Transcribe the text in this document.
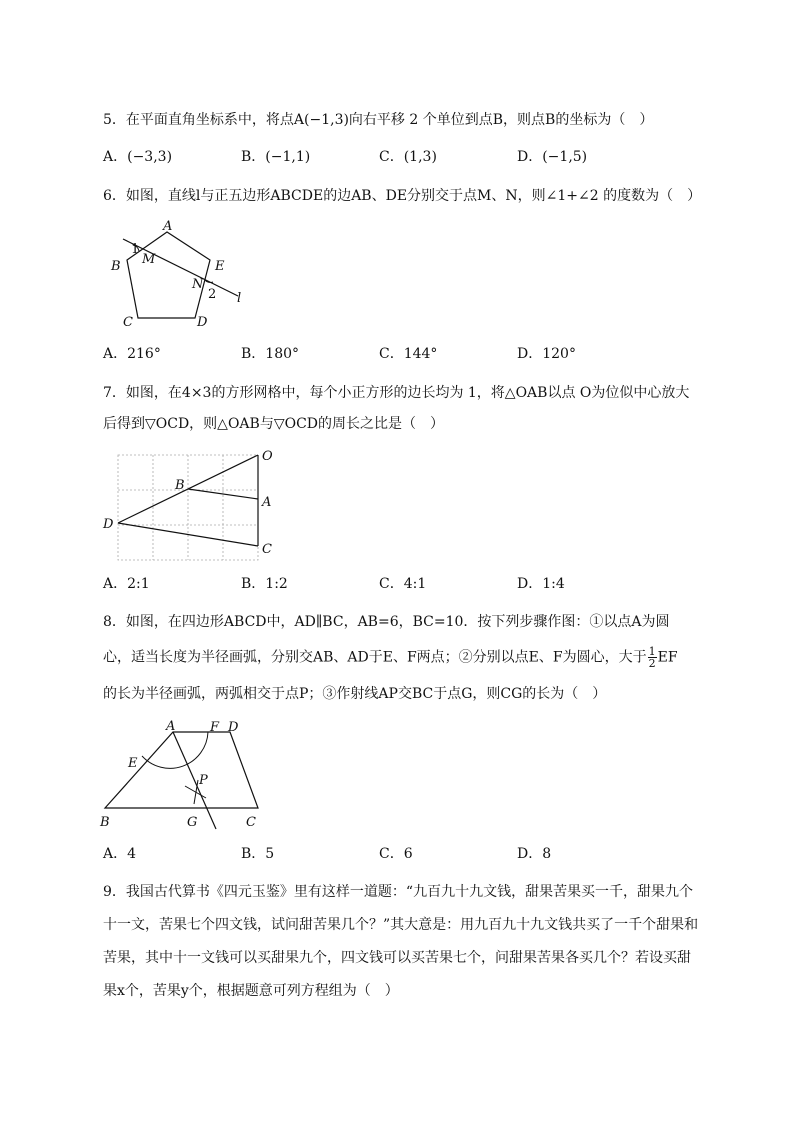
5．在平面直角坐标系中，将点A(−1,3)向右平移 2 个单位到点B，则点B的坐标为（　）
A．(−3,3)	B．(−1,1)	C．(1,3)	D．(−1,5)
6．如图，直线l与正五边形ABCDE的边AB、DE分别交于点M、N，则∠1+∠2 的度数为（　）
A
B
C	D
E
M
N
l
1
2
A．216°	B．180°	C．144°	D．120°
7．如图，在4×3的方形网格中，每个小正方形的边长均为 1，将△OAB以点 O为位似中心放大
后得到▽OCD，则△OAB与▽OCD的周长之比是（　）
O
B
A
D
C
A．2:1	B．1:2	C．4:1	D．1:4
8．如图，在四边形ABCD中，AD∥BC，AB=6，BC=10．按下列步骤作图：①以点A为圆
心，适当长度为半径画弧，分别交AB、AD于E、F两点；②分别以点E、F为圆心，大于 $\frac{1}{2}$ EF
的长为半径画弧，两弧相交于点P；③作射线AP交BC于点G，则CG的长为（　）
A	F D
E
P
B	G	C
A．4	B．5	C．6	D．8
9．我国古代算书《四元玉鉴》里有这样一道题：“九百九十九文钱，甜果苦果买一千，甜果九个
十一文，苦果七个四文钱，试问甜苦果几个？”其大意是：用九百九十九文钱共买了一千个甜果和
苦果，其中十一文钱可以买甜果九个，四文钱可以买苦果七个，问甜果苦果各买几个？若设买甜
果x个，苦果y个，根据题意可列方程组为（　）
